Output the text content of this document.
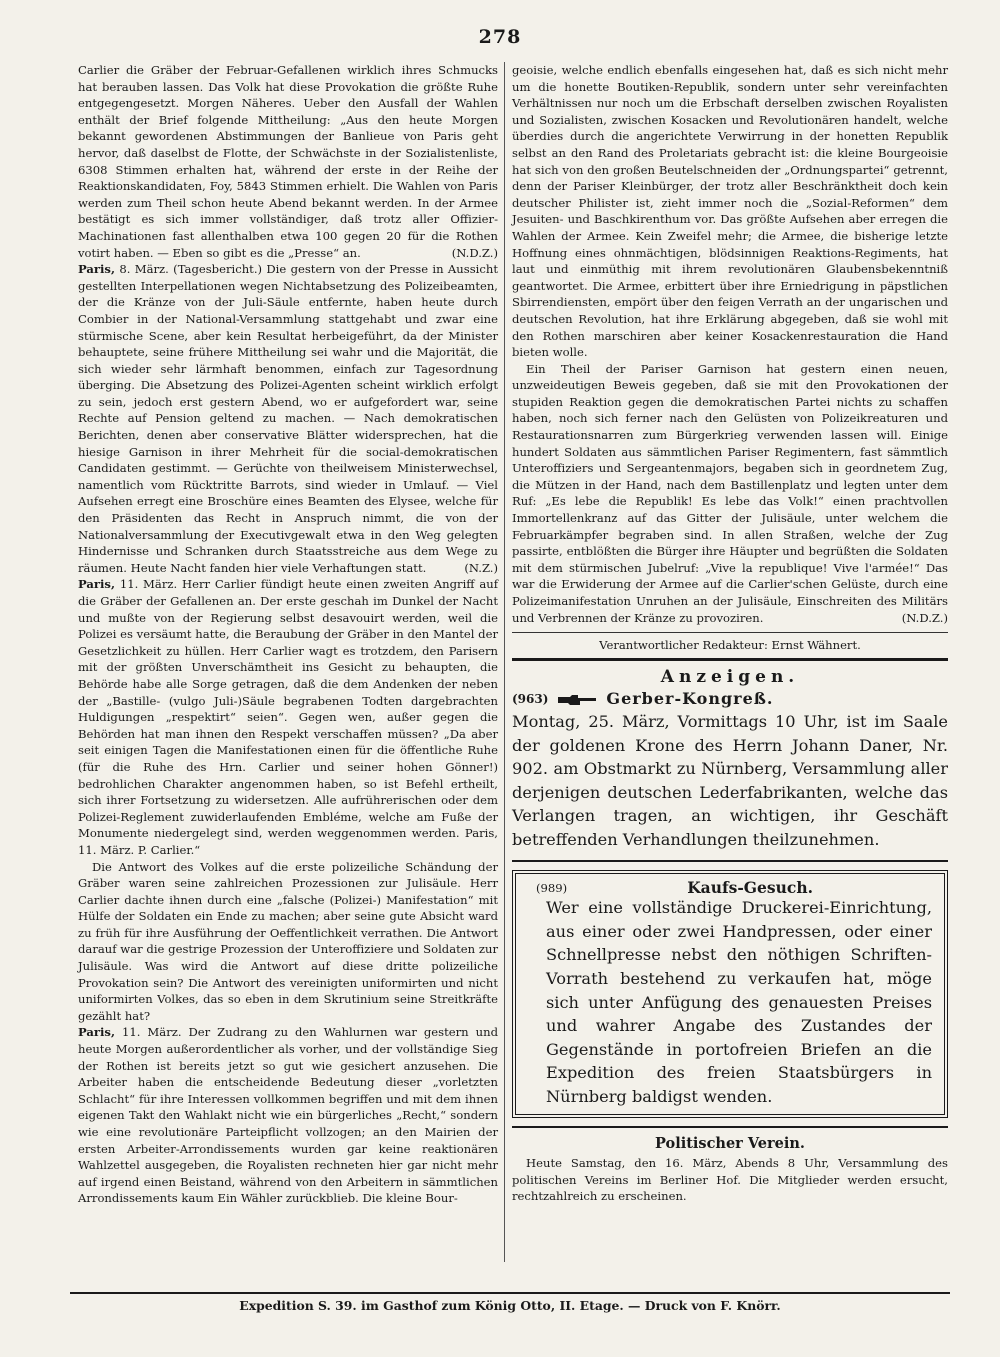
278

Carlier die Gräber der Februar-Gefallenen wirklich ihres Schmucks hat berauben lassen. Das Volk hat diese Provokation die größte Ruhe entgegengesetzt. Morgen Näheres. Ueber den Ausfall der Wahlen enthält der Brief folgende Mittheilung: „Aus den heute Morgen bekannt gewordenen Abstimmungen der Banlieue von Paris geht hervor, daß daselbst de Flotte, der Schwächste in der Sozialistenliste, 6308 Stimmen erhalten hat, während der erste in der Reihe der Reaktionskandidaten, Foy, 5843 Stimmen erhielt. Die Wahlen von Paris werden zum Theil schon heute Abend bekannt werden. In der Armee bestätigt es sich immer vollständiger, daß trotz aller Offizier-Machinationen fast allenthalben etwa 100 gegen 20 für die Rothen votirt haben. — Eben so gibt es die „Presse“ an.	(N.D.Z.)

Paris, 8. März. (Tagesbericht.) Die gestern von der Presse in Aussicht gestellten Interpellationen wegen Nichtabsetzung des Polizeibeamten, der die Kränze von der Juli-Säule entfernte, haben heute durch Combier in der National-Versammlung stattgehabt und zwar eine stürmische Scene, aber kein Resultat herbeigeführt, da der Minister behauptete, seine frühere Mittheilung sei wahr und die Majorität, die sich wieder sehr lärmhaft benommen, einfach zur Tagesordnung überging. Die Absetzung des Polizei-Agenten scheint wirklich erfolgt zu sein, jedoch erst gestern Abend, wo er aufgefordert war, seine Rechte auf Pension geltend zu machen. — Nach demokratischen Berichten, denen aber conservative Blätter widersprechen, hat die hiesige Garnison in ihrer Mehrheit für die social-demokratischen Candidaten gestimmt. — Gerüchte von theilweisem Ministerwechsel, namentlich vom Rücktritte Barrots, sind wieder in Umlauf. — Viel Aufsehen erregt eine Broschüre eines Beamten des Elysee, welche für den Präsidenten das Recht in Anspruch nimmt, die von der Nationalversammlung der Executivgewalt etwa in den Weg gelegten Hindernisse und Schranken durch Staatsstreiche aus dem Wege zu räumen. Heute Nacht fanden hier viele Verhaftungen statt.	(N.Z.)

Paris, 11. März. Herr Carlier fündigt heute einen zweiten Angriff auf die Gräber der Gefallenen an. Der erste geschah im Dunkel der Nacht und mußte von der Regierung selbst desavouirt werden, weil die Polizei es versäumt hatte, die Beraubung der Gräber in den Mantel der Gesetzlichkeit zu hüllen. Herr Carlier wagt es trotzdem, den Parisern mit der größten Unverschämtheit ins Gesicht zu behaupten, die Behörde habe alle Sorge getragen, daß die dem Andenken der neben der „Bastille- (vulgo Juli-)Säule begrabenen Todten dargebrachten Huldigungen „respektirt“ seien“. Gegen wen, außer gegen die Behörden hat man ihnen den Respekt verschaffen müssen? „Da aber seit einigen Tagen die Manifestationen einen für die öffentliche Ruhe (für die Ruhe des Hrn. Carlier und seiner hohen Gönner!) bedrohlichen Charakter angenommen haben, so ist Befehl ertheilt, sich ihrer Fortsetzung zu widersetzen. Alle aufrührerischen oder dem Polizei-Reglement zuwiderlaufenden Embléme, welche am Fuße der Monumente niedergelegt sind, werden weggenommen werden. Paris, 11. März. P. Carlier.“

Die Antwort des Volkes auf die erste polizeiliche Schändung der Gräber waren seine zahlreichen Prozessionen zur Julisäule. Herr Carlier dachte ihnen durch eine „falsche (Polizei-) Manifestation“ mit Hülfe der Soldaten ein Ende zu machen; aber seine gute Absicht ward zu früh für ihre Ausführung der Oeffentlichkeit verrathen. Die Antwort darauf war die gestrige Prozession der Unteroffiziere und Soldaten zur Julisäule. Was wird die Antwort auf diese dritte polizeiliche Provokation sein? Die Antwort des vereinigten uniformirten und nicht uniformirten Volkes, das so eben in dem Skrutinium seine Streitkräfte gezählt hat?

Paris, 11. März. Der Zudrang zu den Wahlurnen war gestern und heute Morgen außerordentlicher als vorher, und der vollständige Sieg der Rothen ist bereits jetzt so gut wie gesichert anzusehen. Die Arbeiter haben die entscheidende Bedeutung dieser „vorletzten Schlacht“ für ihre Interessen vollkommen begriffen und mit dem ihnen eigenen Takt den Wahlakt nicht wie ein bürgerliches „Recht,“ sondern wie eine revolutionäre Parteipflicht vollzogen; an den Mairien der ersten Arbeiter-Arrondissements wurden gar keine reaktionären Wahlzettel ausgegeben, die Royalisten rechneten hier gar nicht mehr auf irgend einen Beistand, während von den Arbeitern in sämmtlichen Arrondissements kaum Ein Wähler zurückblieb. Die kleine Bour-

geoisie, welche endlich ebenfalls eingesehen hat, daß es sich nicht mehr um die honette Boutiken-Republik, sondern unter sehr vereinfachten Verhältnissen nur noch um die Erbschaft derselben zwischen Royalisten und Sozialisten, zwischen Kosacken und Revolutionären handelt, welche überdies durch die angerichtete Verwirrung in der honetten Republik selbst an den Rand des Proletariats gebracht ist: die kleine Bourgeoisie hat sich von den großen Beutelschneiden der „Ordnungspartei“ getrennt, denn der Pariser Kleinbürger, der trotz aller Beschränktheit doch kein deutscher Philister ist, zieht immer noch die „Sozial-Reformen“ dem Jesuiten- und Baschkirenthum vor. Das größte Aufsehen aber erregen die Wahlen der Armee. Kein Zweifel mehr; die Armee, die bisherige letzte Hoffnung eines ohnmächtigen, blödsinnigen Reaktions-Regiments, hat laut und einmüthig mit ihrem revolutionären Glaubensbekenntniß geantwortet. Die Armee, erbittert über ihre Erniedrigung in päpstlichen Sbirrendiensten, empört über den feigen Verrath an der ungarischen und deutschen Revolution, hat ihre Erklärung abgegeben, daß sie wohl mit den Rothen marschiren aber keiner Kosackenrestauration die Hand bieten wolle.

Ein Theil der Pariser Garnison hat gestern einen neuen, unzweideutigen Beweis gegeben, daß sie mit den Provokationen der stupiden Reaktion gegen die demokratischen Partei nichts zu schaffen haben, noch sich ferner nach den Gelüsten von Polizeikreaturen und Restaurationsnarren zum Bürgerkrieg verwenden lassen will. Einige hundert Soldaten aus sämmtlichen Pariser Regimentern, fast sämmtlich Unteroffiziers und Sergeantenmajors, begaben sich in geordnetem Zug, die Mützen in der Hand, nach dem Bastillenplatz und legten unter dem Ruf: „Es lebe die Republik! Es lebe das Volk!“ einen prachtvollen Immortellenkranz auf das Gitter der Julisäule, unter welchem die Februarkämpfer begraben sind. In allen Straßen, welche der Zug passirte, entblößten die Bürger ihre Häupter und begrüßten die Soldaten mit dem stürmischen Jubelruf: „Vive la republique! Vive l'armée!“ Das war die Erwiderung der Armee auf die Carlier'schen Gelüste, durch eine Polizeimanifestation Unruhen an der Julisäule, Einschreiten des Militärs und Verbrennen der Kränze zu provoziren.	(N.D.Z.)

Verantwortlicher Redakteur: Ernst Wähnert.
Anzeigen.
(963)	Gerber-Kongreß.
Montag, 25. März, Vormittags 10 Uhr, ist im Saale der goldenen Krone des Herrn Johann Daner, Nr. 902. am Obstmarkt zu Nürnberg, Versammlung aller derjenigen deutschen Lederfabrikanten, welche das Verlangen tragen, an wichtigen, ihr Geschäft betreffenden Verhandlungen theilzunehmen.
(989)	Kaufs-Gesuch.
Wer eine vollständige Druckerei-Einrichtung, aus einer oder zwei Handpressen, oder einer Schnellpresse nebst den nöthigen Schriften-Vorrath bestehend zu verkaufen hat, möge sich unter Anfügung des genauesten Preises und wahrer Angabe des Zustandes der Gegenstände in portofreien Briefen an die Expedition des freien Staatsbürgers in Nürnberg baldigst wenden.
Politischer Verein.

Heute Samstag, den 16. März, Abends 8 Uhr, Versammlung des politischen Vereins im Berliner Hof. Die Mitglieder werden ersucht, rechtzahlreich zu erscheinen.

Expedition S. 39. im Gasthof zum König Otto, II. Etage. — Druck von F. Knörr.
